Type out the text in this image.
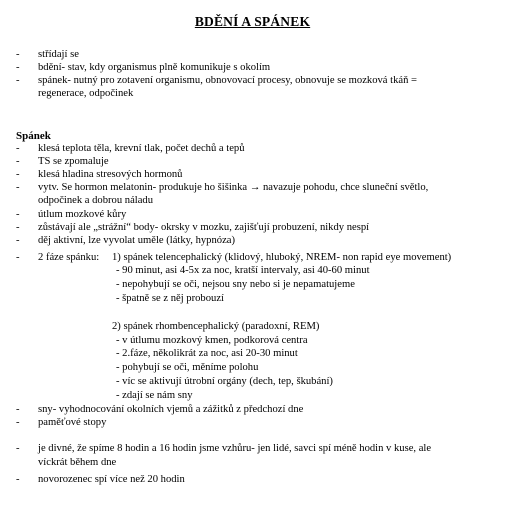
BDĚNÍ A SPÁNEK
- střídají se
- bdění- stav, kdy organismus plně komunikuje s okolím
- spánek- nutný pro zotavení organismu, obnovovací procesy, obnovuje se mozková tkáň =
regenerace, odpočinek
Spánek
- klesá teplota těla, krevní tlak, počet dechů a tepů
- TS se zpomaluje
- klesá hladina stresových hormonů
- vytv. Se hormon melatonin- produkuje ho šišinka → navazuje pohodu, chce sluneční světlo,
odpočinek a dobrou náladu
- útlum mozkové kůry
- zůstávají ale „strážní“ body- okrsky v mozku, zajišťují probuzení, nikdy nespí
- děj aktivní, lze vyvolat uměle (látky, hypnóza)
- 2 fáze spánku: 1) spánek telencephalický (klidový, hluboký, NREM- non rapid eye movement)
- 90 minut, asi 4-5x za noc, kratší intervaly, asi 40-60 minut
- nepohybují se oči, nejsou sny nebo si je nepamatujeme
- špatně se z něj probouzí
2) spánek rhombencephalický (paradoxní, REM)
- v útlumu mozkový kmen, podkorová centra
- 2.fáze, několikrát za noc, asi 20-30 minut
- pohybují se oči, měníme polohu
- víc se aktivují útrobní orgány (dech, tep, škubání)
- zdají se nám sny
- sny- vyhodnocování okolních vjemů a zážitků z předchozí dne
- paměťové stopy
- je divné, že spíme 8 hodin a 16 hodin jsme vzhůru- jen lidé, savci spí méně hodin v kuse, ale
víckrát během dne
- novorozenec spí více než 20 hodin
